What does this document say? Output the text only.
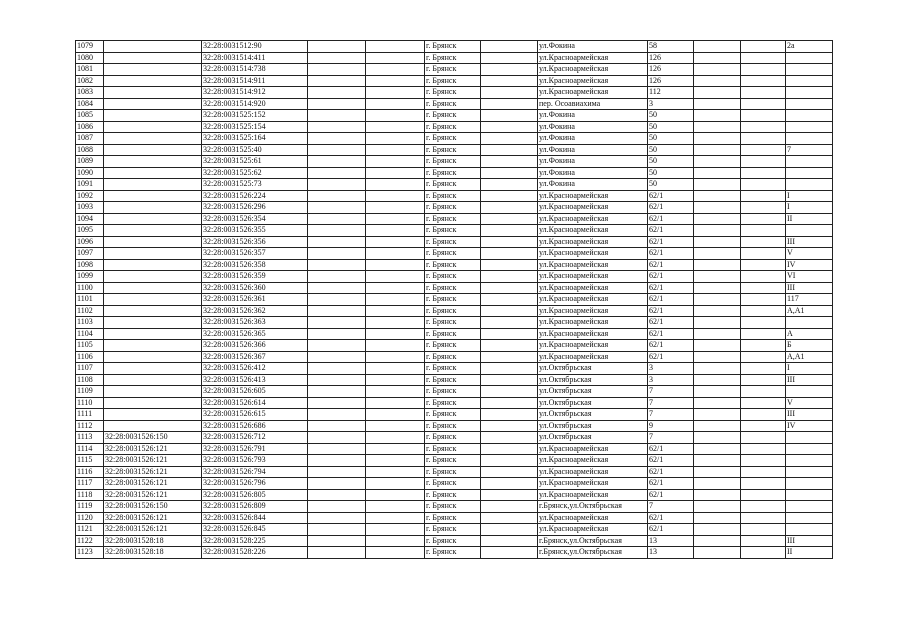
1079		32:28:0031512:90			г. Брянск		ул.Фокина	58			2а
1080		32:28:0031514:411			г. Брянск		ул.Красноармейская	126			
1081		32:28:0031514:738			г. Брянск		ул.Красноармейская	126			
1082		32:28:0031514:911			г. Брянск		ул.Красноармейская	126			
1083		32:28:0031514:912			г. Брянск		ул.Красноармейская	112			
1084		32:28:0031514:920			г. Брянск		пер. Осоавиахима	3			
1085		32:28:0031525:152			г. Брянск		ул.Фокина	50			
1086		32:28:0031525:154			г. Брянск		ул.Фокина	50			
1087		32:28:0031525:164			г. Брянск		ул.Фокина	50			
1088		32:28:0031525:40			г. Брянск		ул.Фокина	50			7
1089		32:28:0031525:61			г. Брянск		ул.Фокина	50			
1090		32:28:0031525:62			г. Брянск		ул.Фокина	50			
1091		32:28:0031525:73			г. Брянск		ул.Фокина	50			
1092		32:28:0031526:224			г. Брянск		ул.Красноармейская	62/1			I
1093		32:28:0031526:296			г. Брянск		ул.Красноармейская	62/1			I
1094		32:28:0031526:354			г. Брянск		ул.Красноармейская	62/1			II
1095		32:28:0031526:355			г. Брянск		ул.Красноармейская	62/1			
1096		32:28:0031526:356			г. Брянск		ул.Красноармейская	62/1			III
1097		32:28:0031526:357			г. Брянск		ул.Красноармейская	62/1			V
1098		32:28:0031526:358			г. Брянск		ул.Красноармейская	62/1			IV
1099		32:28:0031526:359			г. Брянск		ул.Красноармейская	62/1			VI
1100		32:28:0031526:360			г. Брянск		ул.Красноармейская	62/1			III
1101		32:28:0031526:361			г. Брянск		ул.Красноармейская	62/1			117
1102		32:28:0031526:362			г. Брянск		ул.Красноармейская	62/1			А,А1
1103		32:28:0031526:363			г. Брянск		ул.Красноармейская	62/1			
1104		32:28:0031526:365			г. Брянск		ул.Красноармейская	62/1			А
1105		32:28:0031526:366			г. Брянск		ул.Красноармейская	62/1			Б
1106		32:28:0031526:367			г. Брянск		ул.Красноармейская	62/1			А,А1
1107		32:28:0031526:412			г. Брянск		ул.Октябрьская	3			I
1108		32:28:0031526:413			г. Брянск		ул.Октябрьская	3			III
1109		32:28:0031526:605			г. Брянск		ул.Октябрьская	7			
1110		32:28:0031526:614			г. Брянск		ул.Октябрьская	7			V
1111		32:28:0031526:615			г. Брянск		ул.Октябрьская	7			III
1112		32:28:0031526:686			г. Брянск		ул.Октябрьская	9			IV
1113	32:28:0031526:150	32:28:0031526:712			г. Брянск		ул.Октябрьская	7			
1114	32:28:0031526:121	32:28:0031526:791			г. Брянск		ул.Красноармейская	62/1			
1115	32:28:0031526:121	32:28:0031526:793			г. Брянск		ул.Красноармейская	62/1			
1116	32:28:0031526:121	32:28:0031526:794			г. Брянск		ул.Красноармейская	62/1			
1117	32:28:0031526:121	32:28:0031526:796			г. Брянск		ул.Красноармейская	62/1			
1118	32:28:0031526:121	32:28:0031526:805			г. Брянск		ул.Красноармейская	62/1			
1119	32:28:0031526:150	32:28:0031526:809			г. Брянск		г.Брянск,ул.Октябрьская	7			
1120	32:28:0031526:121	32:28:0031526:844			г. Брянск		ул.Красноармейская	62/1			
1121	32:28:0031526:121	32:28:0031526:845			г. Брянск		ул.Красноармейская	62/1			
1122	32:28:0031528:18	32:28:0031528:225			г. Брянск		г.Брянск,ул.Октябрьская	13			III
1123	32:28:0031528:18	32:28:0031528:226			г. Брянск		г.Брянск,ул.Октябрьская	13			II
